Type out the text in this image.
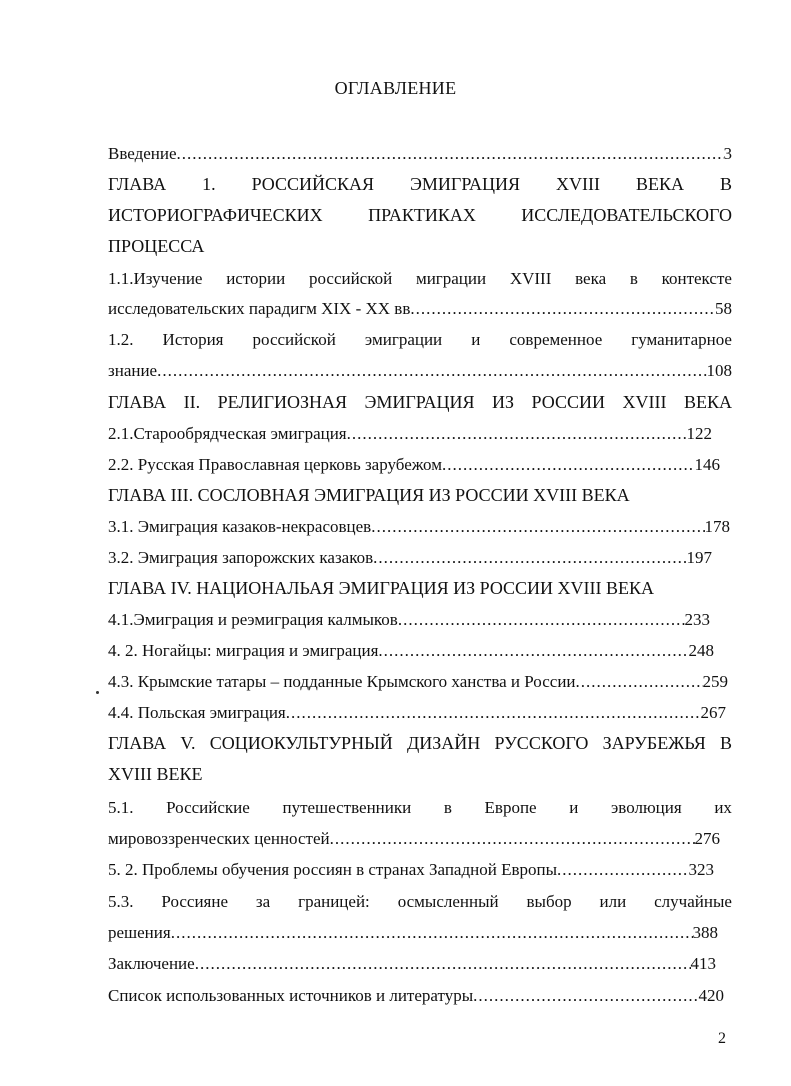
ОГЛАВЛЕНИЕ
Введение .....	3
ГЛАВА 1. РОССИЙСКАЯ ЭМИГРАЦИЯ XVIII ВЕКА В
ИСТОРИОГРАФИЧЕСКИХ	ПРАКТИКАХ	ИССЛЕДОВАТЕЛЬСКОГО
ПРОЦЕССА
1.1.Изучение истории российской миграции XVIII века в контексте
исследовательских парадигм XIX - XX вв .....	58
1.2. История российской эмиграции и современное гуманитарное
знание .....	108
ГЛАВА II. РЕЛИГИОЗНАЯ ЭМИГРАЦИЯ ИЗ РОССИИ XVIII ВЕКА
2.1.Старообрядческая эмиграция .....	122
2.2. Русская Православная церковь зарубежом .....	146
ГЛАВА III. СОСЛОВНАЯ ЭМИГРАЦИЯ ИЗ РОССИИ XVIII ВЕКА
3.1. Эмиграция казаков-некрасовцев .....	178
3.2. Эмиграция запорожских казаков .....	197
ГЛАВА IV. НАЦИОНАЛЬАЯ ЭМИГРАЦИЯ ИЗ РОССИИ XVIII ВЕКА
4.1.Эмиграция и реэмиграция калмыков .....	233
4. 2. Ногайцы: миграция и эмиграция .....	248
4.3. Крымские татары – подданные Крымского ханства и России .....	259
4.4. Польская эмиграция .....	267
ГЛАВА V. СОЦИОКУЛЬТУРНЫЙ ДИЗАЙН РУССКОГО ЗАРУБЕЖЬЯ В
XVIII ВЕКЕ
5.1. Российские путешественники в Европе и эволюция их
мировоззренческих ценностей .....	276
5. 2. Проблемы обучения россиян в странах Западной Европы .....	323
5.3. Россияне за границей: осмысленный выбор или случайные
решения .....	388
Заключение .....	413
Список использованных источников и литературы .....	420
2
